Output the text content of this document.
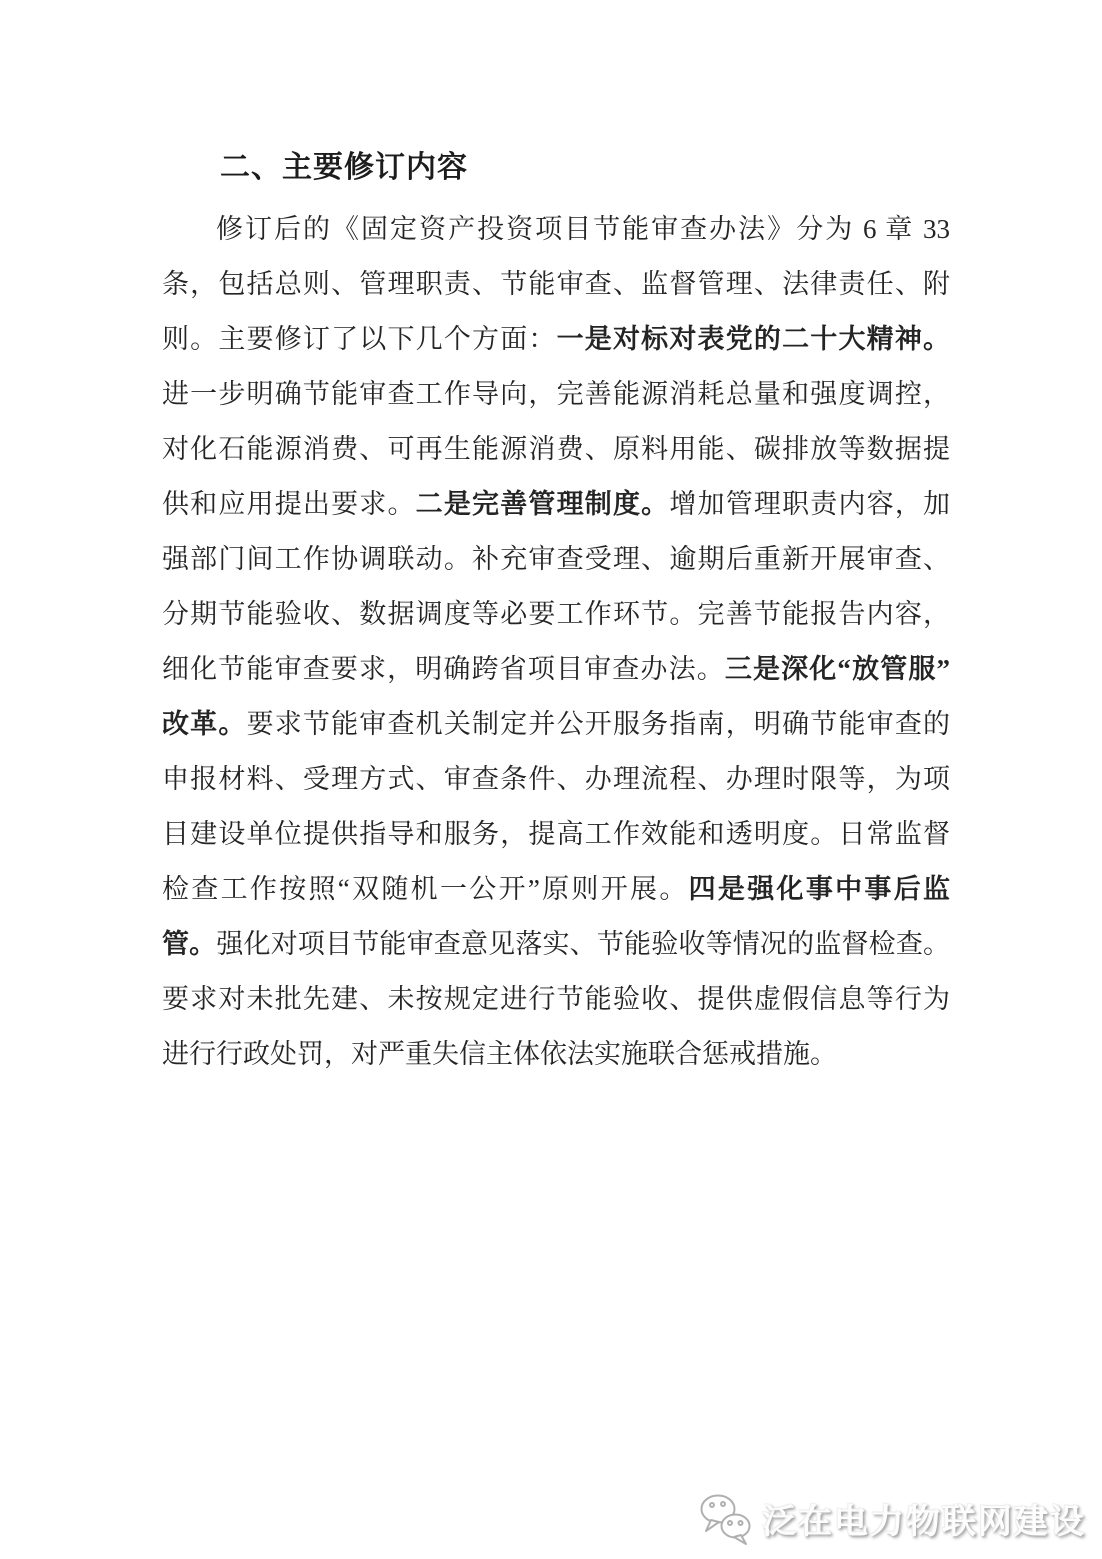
二、主要修订内容
修订后的《固定资产投资项目节能审查办法》分为 6 章 33
条，包括总则、管理职责、节能审查、监督管理、法律责任、附
则。主要修订了以下几个方面：一是对标对表党的二十大精神。
进一步明确节能审查工作导向，完善能源消耗总量和强度调控，
对化石能源消费、可再生能源消费、原料用能、碳排放等数据提
供和应用提出要求。二是完善管理制度。增加管理职责内容，加
强部门间工作协调联动。补充审查受理、逾期后重新开展审查、
分期节能验收、数据调度等必要工作环节。完善节能报告内容，
细化节能审查要求，明确跨省项目审查办法。三是深化“放管服”
改革。要求节能审查机关制定并公开服务指南，明确节能审查的
申报材料、受理方式、审查条件、办理流程、办理时限等，为项
目建设单位提供指导和服务，提高工作效能和透明度。日常监督
检查工作按照“双随机一公开”原则开展。四是强化事中事后监
管。强化对项目节能审查意见落实、节能验收等情况的监督检查。
要求对未批先建、未按规定进行节能验收、提供虚假信息等行为
进行行政处罚，对严重失信主体依法实施联合惩戒措施。
泛在电力物联网建设
